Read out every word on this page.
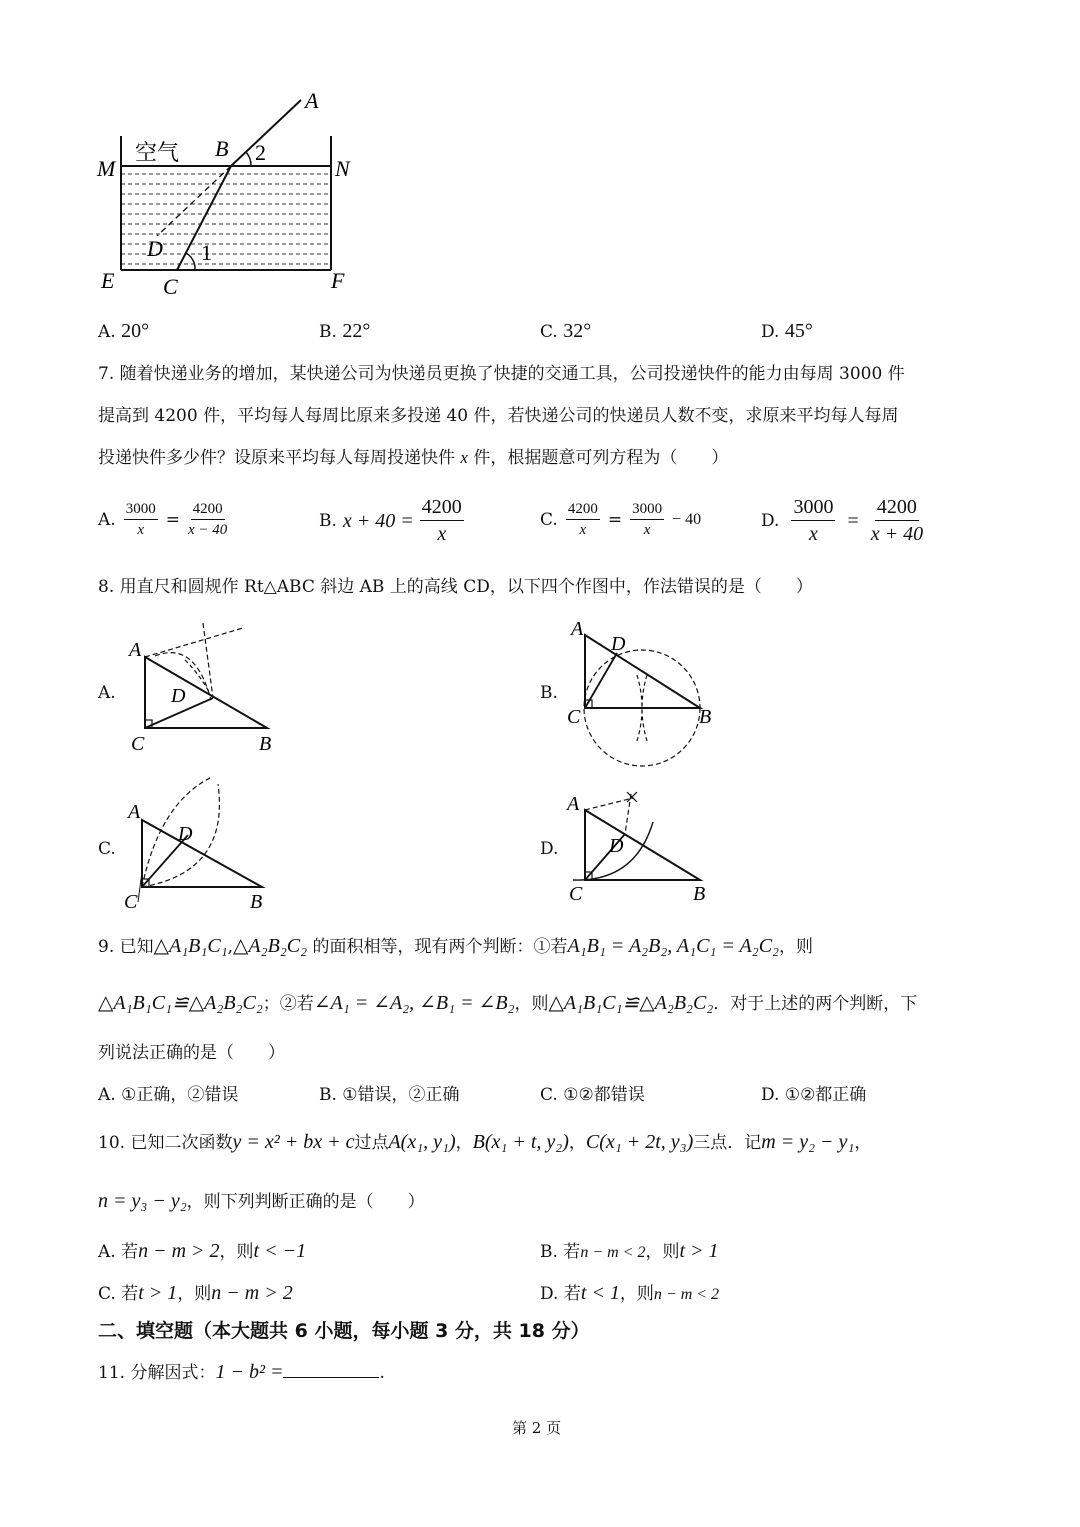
空气
A
B 2
M	N
D 1
E C	F
A. 20°	B. 22°	C. 32°	D. 45°
7. 随着快递业务的增加，某快递公司为快递员更换了快捷的交通工具，公司投递快件的能力由每周 3000 件
提高到 4200 件，平均每人每周比原来多投递 40 件，若快递公司的快递员人数不变，求原来平均每人每周
投递快件多少件？设原来平均每人每周投递快件 x 件，根据题意可列方程为（　　）
A. $\frac{3000}{x} = \frac{4200}{x - 40}$	B. $x + 40 = \frac{4200}{x}$	C. $\frac{4200}{x} = \frac{3000}{x} - 40$	D. $\frac{3000}{x} = \frac{4200}{x + 40}$
8. 用直尺和圆规作 Rt△ABC 斜边 AB 上的高线 CD，以下四个作图中，作法错误的是（　　）
A.
A
D
C	B
B.
A
D
C	B
C.
A
D
C	B
D.
A
D
C	B
9. 已知△A₁B₁C₁,△A₂B₂C₂ 的面积相等，现有两个判断：①若A₁B₁ = A₂B₂, A₁C₁ = A₂C₂，则
△A₁B₁C₁≌△A₂B₂C₂；②若∠A₁ = ∠A₂, ∠B₁ = ∠B₂，则△A₁B₁C₁≌△A₂B₂C₂．对于上述的两个判断，下
列说法正确的是（　　）
A. ①正确，②错误	B. ①错误，②正确	C. ①②都错误	D. ①②都正确
10. 已知二次函数y = x² + bx + c过点A(x₁, y₁)，B(x₁ + t, y₂)，C(x₁ + 2t, y₃)三点．记m = y₂ − y₁，
n = y₃ − y₂，则下列判断正确的是（　　）
A. 若n − m > 2，则t < −1	B. 若n − m < 2，则t > 1
C. 若t > 1，则n − m > 2	D. 若t < 1，则n − m < 2
二、填空题（本大题共 6 小题，每小题 3 分，共 18 分）
11. 分解因式：1 − b² =	.
第 2 页
